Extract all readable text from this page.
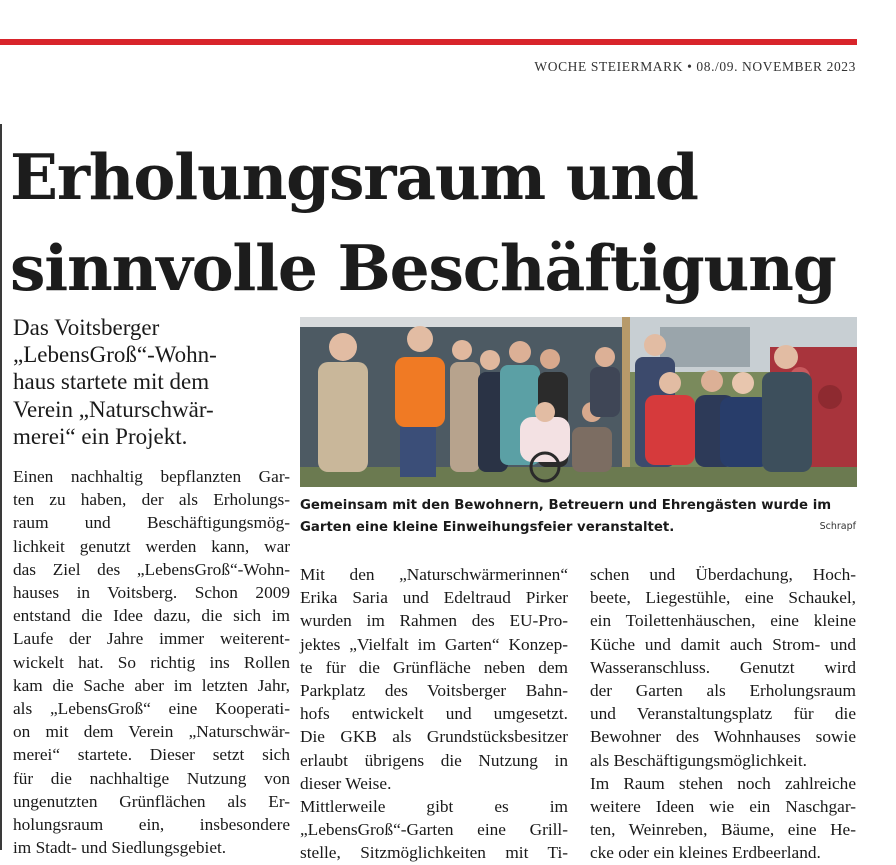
WOCHE STEIERMARK • 08./09. NOVEMBER 2023
Erholungsraum und
sinnvolle Beschäftigung

Das Voitsberger
„LebensGroß“-Wohn-
haus startete mit dem
Verein „Naturschwär-
merei“ ein Projekt.

Einen nachhaltig bepflanzten Gar-
ten zu haben, der als Erholungs-
raum und Beschäftigungsmög-
lichkeit genutzt werden kann, war
das Ziel des „LebensGroß“-Wohn-
hauses in Voitsberg. Schon 2009
entstand die Idee dazu, die sich im
Laufe der Jahre immer weiterent-
wickelt hat. So richtig ins Rollen
kam die Sache aber im letzten Jahr,
als „LebensGroß“ eine Kooperati-
on mit dem Verein „Naturschwär-
merei“ startete. Dieser setzt sich
für die nachhaltige Nutzung von
ungenutzten Grünflächen als Er-
holungsraum ein, insbesondere
im Stadt- und Siedlungsgebiet.
Gemeinsam mit den Bewohnern, Betreuern und Ehrengästen wurde im
Garten eine kleine Einweihungsfeier veranstaltet.	Schrapf
Mit den „Naturschwärmerinnen“
Erika Saria und Edeltraud Pirker
wurden im Rahmen des EU-Pro-
jektes „Vielfalt im Garten“ Konzep-
te für die Grünfläche neben dem
Parkplatz des Voitsberger Bahn-
hofs entwickelt und umgesetzt.
Die GKB als Grundstücksbesitzer
erlaubt übrigens die Nutzung in
dieser Weise.
Mittlerweile gibt es im
„LebensGroß“-Garten eine Grill-
stelle, Sitzmöglichkeiten mit Ti-
schen und Überdachung, Hoch-
beete, Liegestühle, eine Schaukel,
ein Toilettenhäuschen, eine kleine
Küche und damit auch Strom- und
Wasseranschluss. Genutzt wird
der Garten als Erholungsraum
und Veranstaltungsplatz für die
Bewohner des Wohnhauses sowie
als Beschäftigungsmöglichkeit.
Im Raum stehen noch zahlreiche
weitere Ideen wie ein Naschgar-
ten, Weinreben, Bäume, eine He-
cke oder ein kleines Erdbeerland.
